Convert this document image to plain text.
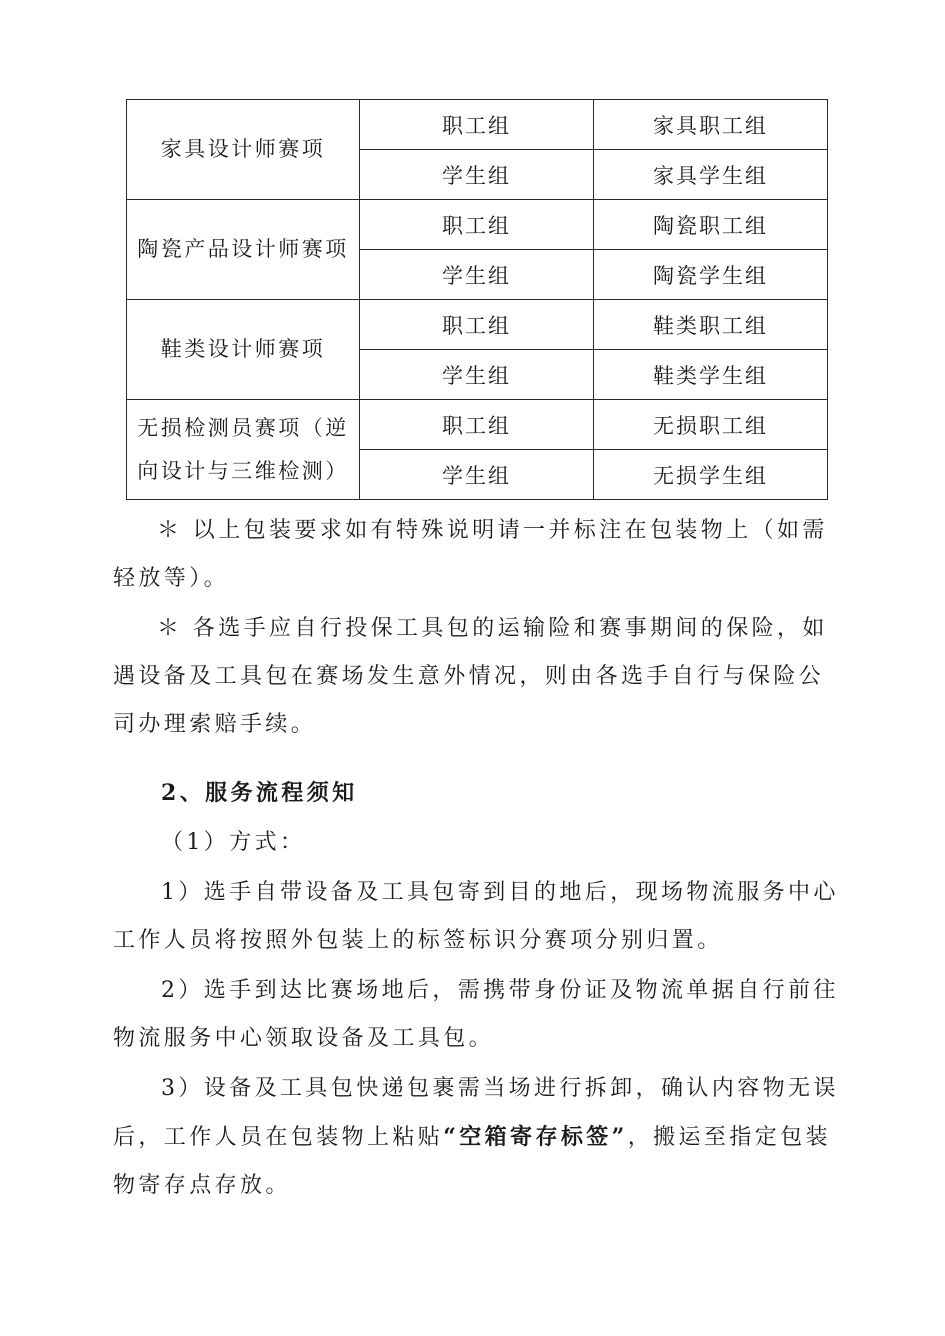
家具设计师赛项	职工组	家具职工组
	学生组	家具学生组
陶瓷产品设计师赛项	职工组	陶瓷职工组
	学生组	陶瓷学生组
鞋类设计师赛项	职工组	鞋类职工组
	学生组	鞋类学生组
无损检测员赛项（逆向设计与三维检测）	职工组	无损职工组
	学生组	无损学生组

＊ 以上包装要求如有特殊说明请一并标注在包装物上（如需轻放等）。

＊ 各选手应自行投保工具包的运输险和赛事期间的保险，如遇设备及工具包在赛场发生意外情况，则由各选手自行与保险公司办理索赔手续。

2、服务流程须知

（1）方式：

1）选手自带设备及工具包寄到目的地后，现场物流服务中心工作人员将按照外包装上的标签标识分赛项分别归置。

2）选手到达比赛场地后，需携带身份证及物流单据自行前往物流服务中心领取设备及工具包。

3）设备及工具包快递包裹需当场进行拆卸，确认内容物无误后，工作人员在包装物上粘贴“空箱寄存标签”，搬运至指定包装物寄存点存放。
